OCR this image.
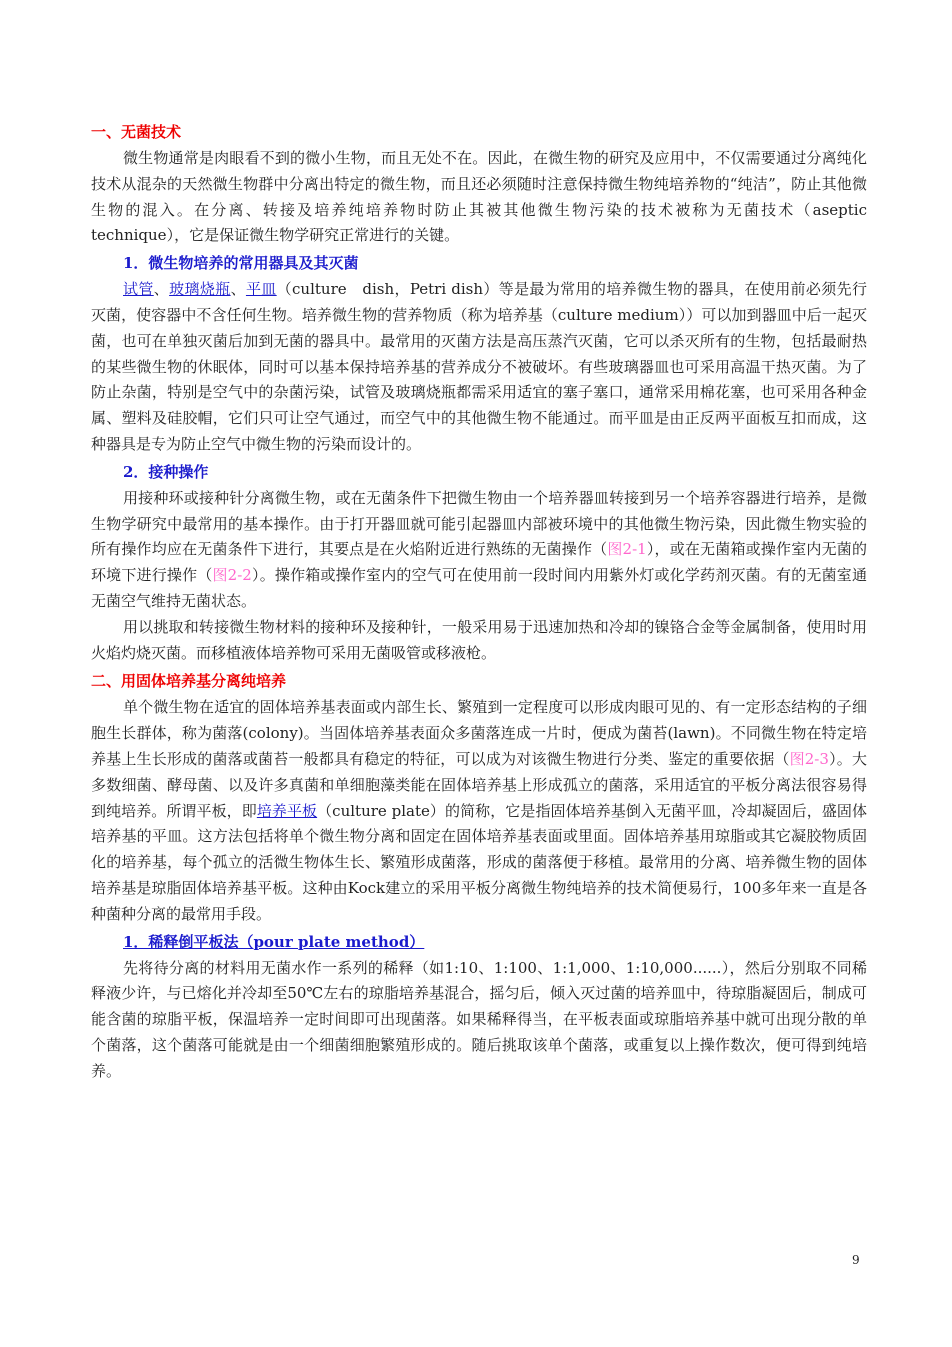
一、无菌技术

微生物通常是肉眼看不到的微小生物，而且无处不在。因此，在微生物的研究及应用中，不仅需要通过分离纯化技术从混杂的天然微生物群中分离出特定的微生物，而且还必须随时注意保持微生物纯培养物的“纯洁”，防止其他微生物的混入。在分离、转接及培养纯培养物时防止其被其他微生物污染的技术被称为无菌技术（aseptic technique），它是保证微生物学研究正常进行的关键。

1．微生物培养的常用器具及其灭菌

试管、玻璃烧瓶、平皿（culture　dish，Petri dish）等是最为常用的培养微生物的器具，在使用前必须先行灭菌，使容器中不含任何生物。培养微生物的营养物质（称为培养基（culture medium））可以加到器皿中后一起灭菌，也可在单独灭菌后加到无菌的器具中。最常用的灭菌方法是高压蒸汽灭菌，它可以杀灭所有的生物，包括最耐热的某些微生物的休眠体，同时可以基本保持培养基的营养成分不被破坏。有些玻璃器皿也可采用高温干热灭菌。为了防止杂菌，特别是空气中的杂菌污染，试管及玻璃烧瓶都需采用适宜的塞子塞口，通常采用棉花塞，也可采用各种金属、塑料及硅胶帽，它们只可让空气通过，而空气中的其他微生物不能通过。而平皿是由正反两平面板互扣而成，这种器具是专为防止空气中微生物的污染而设计的。

2．接种操作

用接种环或接种针分离微生物，或在无菌条件下把微生物由一个培养器皿转接到另一个培养容器进行培养，是微生物学研究中最常用的基本操作。由于打开器皿就可能引起器皿内部被环境中的其他微生物污染，因此微生物实验的所有操作均应在无菌条件下进行，其要点是在火焰附近进行熟练的无菌操作（图2-1），或在无菌箱或操作室内无菌的环境下进行操作（图2-2）。操作箱或操作室内的空气可在使用前一段时间内用紫外灯或化学药剂灭菌。有的无菌室通无菌空气维持无菌状态。

用以挑取和转接微生物材料的接种环及接种针，一般采用易于迅速加热和冷却的镍铬合金等金属制备，使用时用火焰灼烧灭菌。而移植液体培养物可采用无菌吸管或移液枪。

二、用固体培养基分离纯培养

单个微生物在适宜的固体培养基表面或内部生长、繁殖到一定程度可以形成肉眼可见的、有一定形态结构的子细胞生长群体，称为菌落(colony)。当固体培养基表面众多菌落连成一片时，便成为菌苔(lawn)。不同微生物在特定培养基上生长形成的菌落或菌苔一般都具有稳定的特征，可以成为对该微生物进行分类、鉴定的重要依据（图2-3）。大多数细菌、酵母菌、以及许多真菌和单细胞藻类能在固体培养基上形成孤立的菌落，采用适宜的平板分离法很容易得到纯培养。所谓平板，即培养平板（culture plate）的简称，它是指固体培养基倒入无菌平皿，冷却凝固后，盛固体培养基的平皿。这方法包括将单个微生物分离和固定在固体培养基表面或里面。固体培养基用琼脂或其它凝胶物质固化的培养基，每个孤立的活微生物体生长、繁殖形成菌落，形成的菌落便于移植。最常用的分离、培养微生物的固体培养基是琼脂固体培养基平板。这种由Kock建立的采用平板分离微生物纯培养的技术简便易行，100多年来一直是各种菌种分离的最常用手段。

1．稀释倒平板法（pour plate method）

先将待分离的材料用无菌水作一系列的稀释（如1:10、1:100、1:1,000、1:10,000......），然后分别取不同稀释液少许，与已熔化并冷却至50℃左右的琼脂培养基混合，摇匀后，倾入灭过菌的培养皿中，待琼脂凝固后，制成可能含菌的琼脂平板，保温培养一定时间即可出现菌落。如果稀释得当，在平板表面或琼脂培养基中就可出现分散的单个菌落，这个菌落可能就是由一个细菌细胞繁殖形成的。随后挑取该单个菌落，或重复以上操作数次，便可得到纯培养。

9
